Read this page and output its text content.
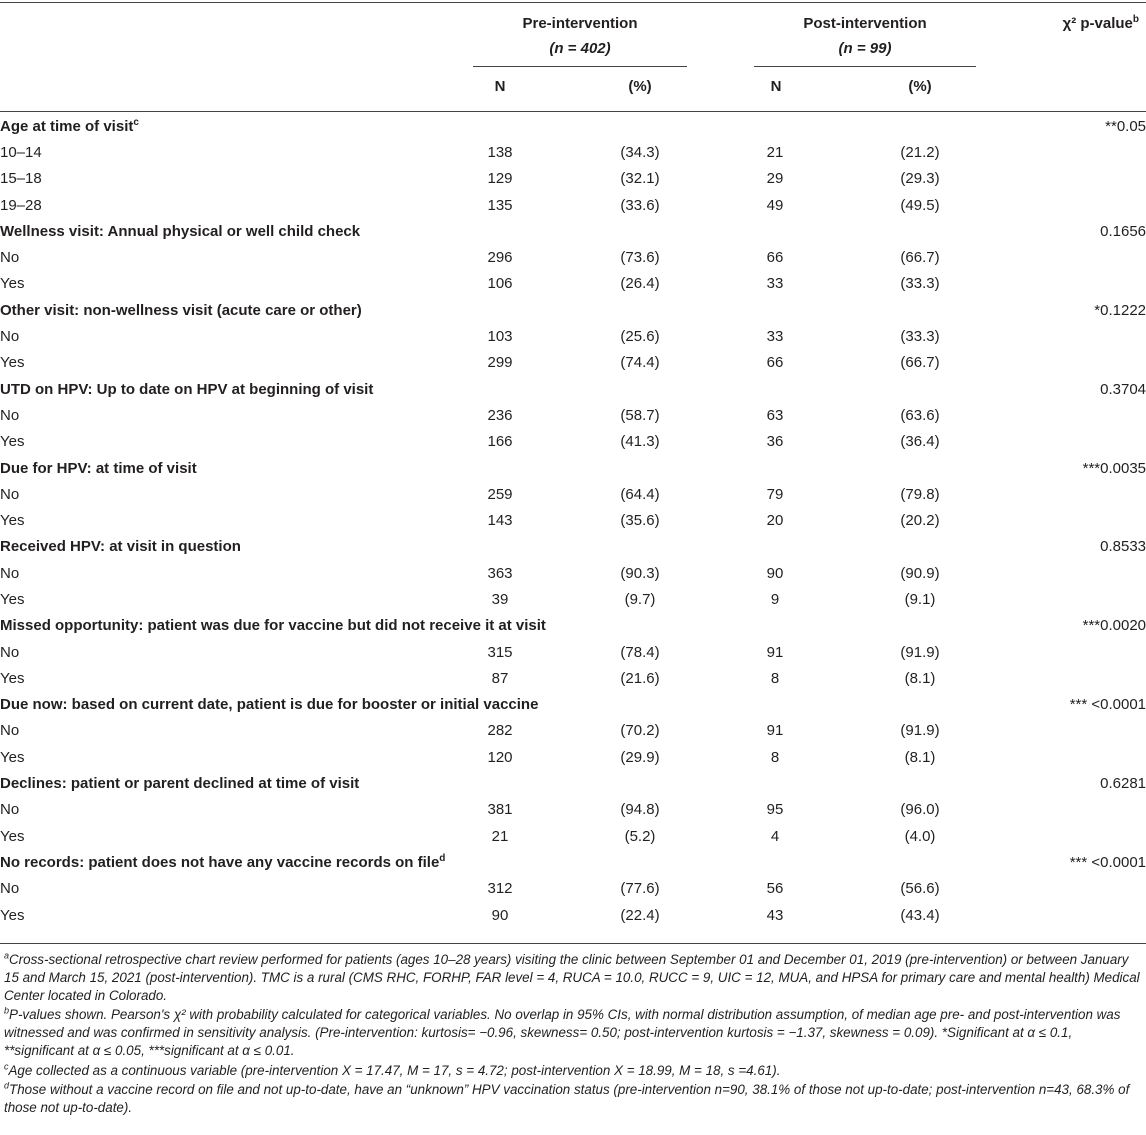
Pre-intervention
(n = 402)
Post-intervention
(n = 99)
χ² p-value$^b$
N	(%)	N	(%)
Age at time of visit$^c$					**0.05
10–14	138	(34.3)	21	(21.2)	
15–18	129	(32.1)	29	(29.3)	
19–28	135	(33.6)	49	(49.5)	
Wellness visit: Annual physical or well child check					0.1656
No	296	(73.6)	66	(66.7)	
Yes	106	(26.4)	33	(33.3)	
Other visit: non-wellness visit (acute care or other)					*0.1222
No	103	(25.6)	33	(33.3)	
Yes	299	(74.4)	66	(66.7)	
UTD on HPV: Up to date on HPV at beginning of visit					0.3704
No	236	(58.7)	63	(63.6)	
Yes	166	(41.3)	36	(36.4)	
Due for HPV: at time of visit					***0.0035
No	259	(64.4)	79	(79.8)	
Yes	143	(35.6)	20	(20.2)	
Received HPV: at visit in question					0.8533
No	363	(90.3)	90	(90.9)	
Yes	39	(9.7)	9	(9.1)	
Missed opportunity: patient was due for vaccine but did not receive it at visit					***0.0020
No	315	(78.4)	91	(91.9)	
Yes	87	(21.6)	8	(8.1)	
Due now: based on current date, patient is due for booster or initial vaccine					*** <0.0001
No	282	(70.2)	91	(91.9)	
Yes	120	(29.9)	8	(8.1)	
Declines: patient or parent declined at time of visit					0.6281
No	381	(94.8)	95	(96.0)	
Yes	21	(5.2)	4	(4.0)	
No records: patient does not have any vaccine records on file$^d$					*** <0.0001
No	312	(77.6)	56	(56.6)	
Yes	90	(22.4)	43	(43.4)	

$^a$Cross-sectional retrospective chart review performed for patients (ages 10–28 years) visiting the clinic between September 01 and December 01, 2019 (pre-intervention) or between January 15 and March 15, 2021 (post-intervention). TMC is a rural (CMS RHC, FORHP, FAR level = 4, RUCA = 10.0, RUCC = 9, UIC = 12, MUA, and HPSA for primary care and mental health) Medical Center located in Colorado.

$^b$P-values shown. Pearson's χ² with probability calculated for categorical variables. No overlap in 95% CIs, with normal distribution assumption, of median age pre- and post-intervention was witnessed and was confirmed in sensitivity analysis. (Pre-intervention: kurtosis= −0.96, skewness= 0.50; post-intervention kurtosis = −1.37, skewness = 0.09). *Significant at α ≤ 0.1, **significant at α ≤ 0.05, ***significant at α ≤ 0.01.

$^c$Age collected as a continuous variable (pre-intervention X = 17.47, M = 17, s = 4.72; post-intervention X = 18.99, M = 18, s =4.61).

$^d$Those without a vaccine record on file and not up-to-date, have an “unknown” HPV vaccination status (pre-intervention n=90, 38.1% of those not up-to-date; post-intervention n=43, 68.3% of those not up-to-date).
